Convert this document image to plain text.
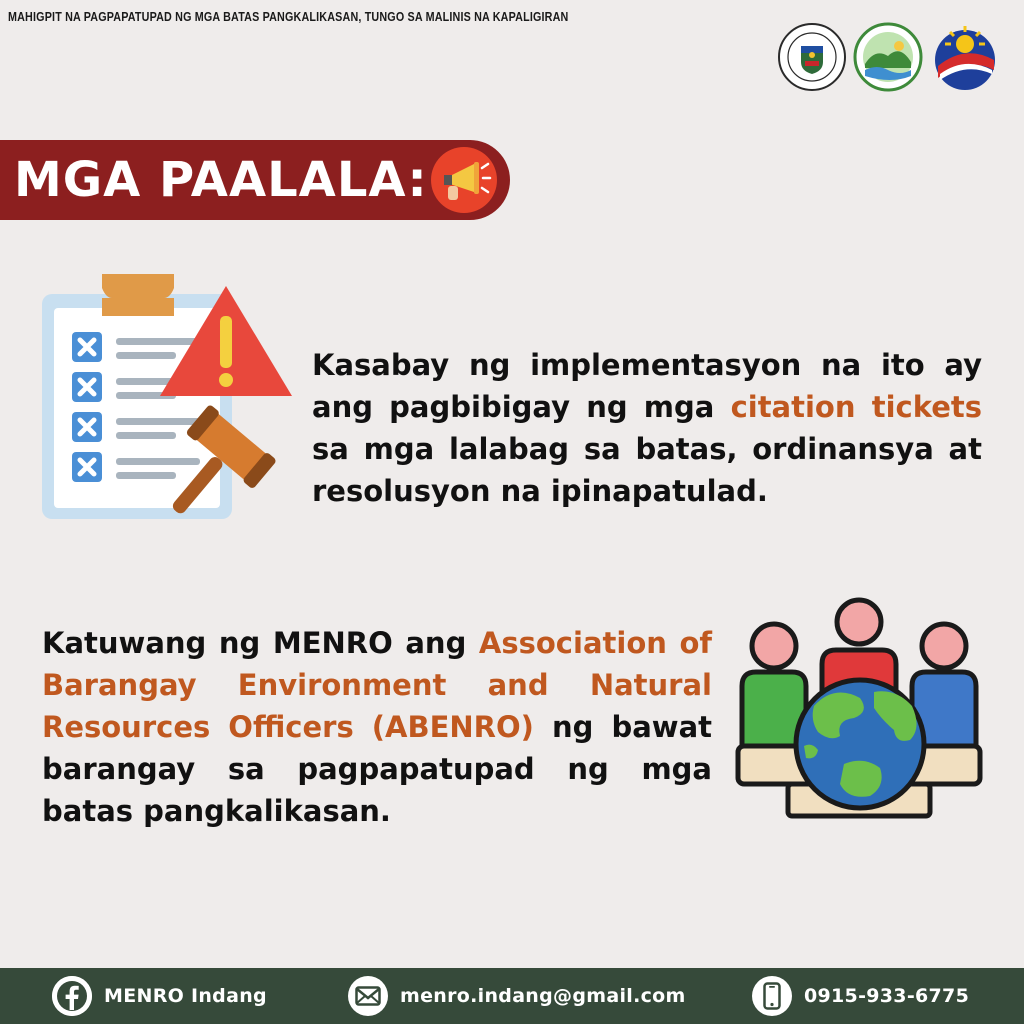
MAHIGPIT NA PAGPAPATUPAD NG MGA BATAS PANGKALIKASAN, TUNGO SA MALINIS NA KAPALIGIRAN
MGA PAALALA:
Kasabay ng implementasyon na ito ay ang pagbibigay ng mga citation tickets sa mga lalabag sa batas, ordinansya at resolusyon na ipinapatulad.
Katuwang ng MENRO ang Association of Barangay Environment and Natural Resources Officers (ABENRO) ng bawat barangay sa pagpapatupad ng mga batas pangkalikasan.
MENRO Indang	menro.indang@gmail.com	0915-933-6775
